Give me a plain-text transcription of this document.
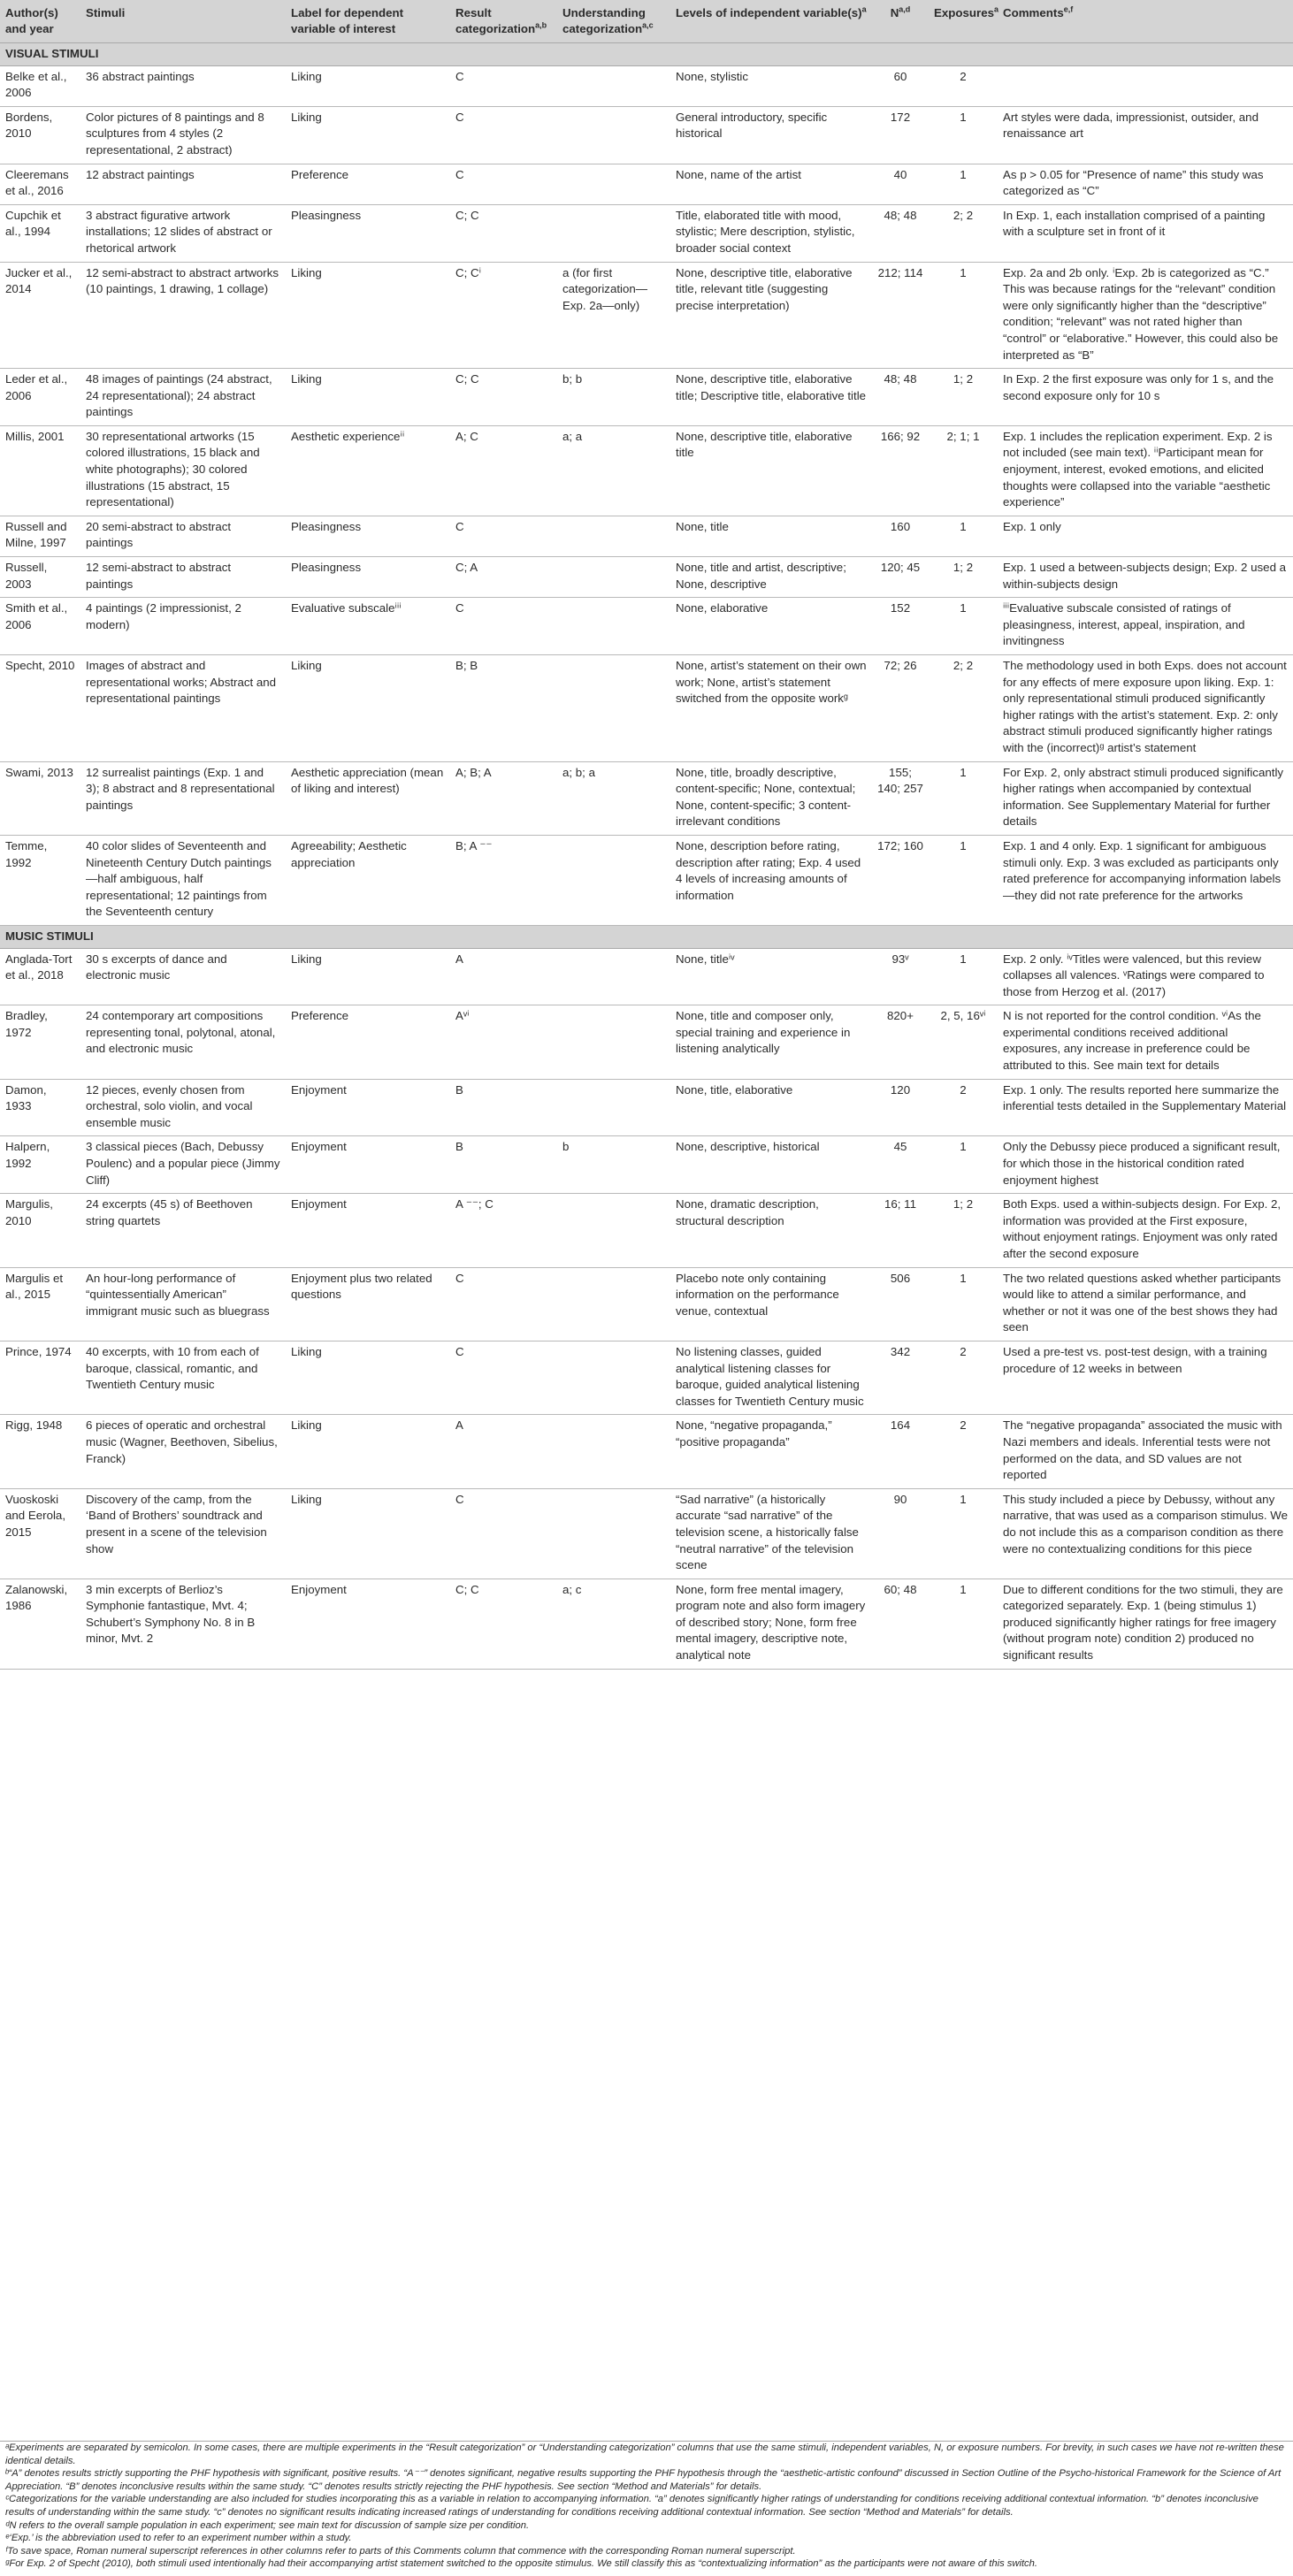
Author(s) and year	Stimuli	Label for dependent variable of interest	Result categorization$^{a,b}$	Understanding categorization$^{a,c}$	Levels of independent $variable(s)^a$	N$^{a,d}$	Exposures$^a$	Comments$^{e,f}$
VISUAL STIMULI								
Belke et al., 2006	36 abstract paintings	Liking	C		None, stylistic	60	2	
Bordens, 2010	Color pictures of 8 paintings and 8 sculptures from 4 styles (2 representational, 2 abstract)	Liking	C		General introductory, specific historical	172	1	Art styles were dada, impressionist, outsider, and renaissance art
Cleeremans et al., 2016	12 abstract paintings	Preference	C		None, name of the artist	40	1	As p > 0.05 for “Presence of name” this study was categorized as “C”
Cupchik et al., 1994	3 abstract figurative artwork installations; 12 slides of abstract or rhetorical artwork	Pleasingness	C; C		Title, elaborated title with mood, stylistic; Mere description, stylistic, broader social context	48; 48	2; 2	In Exp. 1, each installation comprised of a painting with a sculpture set in front of it
Jucker et al., 2014	12 semi-abstract to abstract artworks (10 paintings, 1 drawing, 1 collage)	Liking	C; Cⁱ	a (for first categorization—Exp. 2a—only)	None, descriptive title, elaborative title, relevant title (suggesting precise interpretation)	212; 114	1	Exp. 2a and 2b only. ⁱExp. 2b is categorized as “C.” This was because ratings for the “relevant” condition were only significantly higher than the “descriptive” condition; “relevant” was not rated higher than “control” or “elaborative.” However, this could also be interpreted as “B”
Leder et al., 2006	48 images of paintings (24 abstract, 24 representational); 24 abstract paintings	Liking	C; C	b; b	None, descriptive title, elaborative title; Descriptive title, elaborative title	48; 48	1; 2	In Exp. 2 the first exposure was only for 1 s, and the second exposure only for 10 s
Millis, 2001	30 representational artworks (15 colored illustrations, 15 black and white photographs); 30 colored illustrations (15 abstract, 15 representational)	Aesthetic experienceⁱⁱ	A; C	a; a	None, descriptive title, elaborative title	166; 92	2; 1; 1	Exp. 1 includes the replication experiment. Exp. 2 is not included (see main text). ⁱⁱParticipant mean for enjoyment, interest, evoked emotions, and elicited thoughts were collapsed into the variable “aesthetic experience”
Russell and Milne, 1997	20 semi-abstract to abstract paintings	Pleasingness	C		None, title	160	1	Exp. 1 only
Russell, 2003	12 semi-abstract to abstract paintings	Pleasingness	C; A		None, title and artist, descriptive; None, descriptive	120; 45	1; 2	Exp. 1 used a between-subjects design; Exp. 2 used a within-subjects design
Smith et al., 2006	4 paintings (2 impressionist, 2 modern)	Evaluative subscaleⁱⁱⁱ	C		None, elaborative	152	1	ⁱⁱⁱEvaluative subscale consisted of ratings of pleasingness, interest, appeal, inspiration, and invitingness
Specht, 2010	Images of abstract and representational works; Abstract and representational paintings	Liking	B; B		None, artist’s statement on their own work; None, artist’s statement switched from the opposite workᵍ	72; 26	2; 2	The methodology used in both Exps. does not account for any effects of mere exposure upon liking. Exp. 1: only representational stimuli produced significantly higher ratings with the artist’s statement. Exp. 2: only abstract stimuli produced significantly higher ratings with the (incorrect)ᵍ artist’s statement
Swami, 2013	12 surrealist paintings (Exp. 1 and 3); 8 abstract and 8 representational paintings	Aesthetic appreciation (mean of liking and interest)	A; B; A	a; b; a	None, title, broadly descriptive, content-specific; None, contextual; None, content-specific; 3 content-irrelevant conditions	155; 140; 257	1	For Exp. 2, only abstract stimuli produced significantly higher ratings when accompanied by contextual information. See Supplementary Material for further details
Temme, 1992	40 color slides of Seventeenth and Nineteenth Century Dutch paintings—half ambiguous, half representational; 12 paintings from the Seventeenth century	Agreeability; Aesthetic appreciation	B; A ⁻⁻		None, description before rating, description after rating; Exp. 4 used 4 levels of increasing amounts of information	172; 160	1	Exp. 1 and 4 only. Exp. 1 significant for ambiguous stimuli only. Exp. 3 was excluded as participants only rated preference for accompanying information labels—they did not rate preference for the artworks
MUSIC STIMULI								
Anglada-Tort et al., 2018	30 s excerpts of dance and electronic music	Liking	A		None, titleⁱᵛ	93ᵛ	1	Exp. 2 only. ⁱᵛTitles were valenced, but this review collapses all valences. ᵛRatings were compared to those from Herzog et al. (2017)
Bradley, 1972	24 contemporary art compositions representing tonal, polytonal, atonal, and electronic music	Preference	Aᵛⁱ		None, title and composer only, special training and experience in listening analytically	820+	2, 5, 16ᵛⁱ	N is not reported for the control condition. ᵛⁱAs the experimental conditions received additional exposures, any increase in preference could be attributed to this. See main text for details
Damon, 1933	12 pieces, evenly chosen from orchestral, solo violin, and vocal ensemble music	Enjoyment	B		None, title, elaborative	120	2	Exp. 1 only. The results reported here summarize the inferential tests detailed in the Supplementary Material
Halpern, 1992	3 classical pieces (Bach, Debussy Poulenc) and a popular piece (Jimmy Cliff)	Enjoyment	B	b	None, descriptive, historical	45	1	Only the Debussy piece produced a significant result, for which those in the historical condition rated enjoyment highest
Margulis, 2010	24 excerpts (45 s) of Beethoven string quartets	Enjoyment	A ⁻⁻; C		None, dramatic description, structural description	16; 11	1; 2	Both Exps. used a within-subjects design. For Exp. 2, information was provided at the First exposure, without enjoyment ratings. Enjoyment was only rated after the second exposure
Margulis et al., 2015	An hour-long performance of “quintessentially American” immigrant music such as bluegrass	Enjoyment plus two related questions	C		Placebo note only containing information on the performance venue, contextual	506	1	The two related questions asked whether participants would like to attend a similar performance, and whether or not it was one of the best shows they had seen
Prince, 1974	40 excerpts, with 10 from each of baroque, classical, romantic, and Twentieth Century music	Liking	C		No listening classes, guided analytical listening classes for baroque, guided analytical listening classes for Twentieth Century music	342	2	Used a pre-test vs. post-test design, with a training procedure of 12 weeks in between
Rigg, 1948	6 pieces of operatic and orchestral music (Wagner, Beethoven, Sibelius, Franck)	Liking	A		None, “negative propaganda,” “positive propaganda”	164	2	The “negative propaganda” associated the music with Nazi members and ideals. Inferential tests were not performed on the data, and SD values are not reported
Vuoskoski and Eerola, 2015	Discovery of the camp, from the ‘Band of Brothers’ soundtrack and present in a scene of the television show	Liking	C		“Sad narrative” (a historically accurate “sad narrative” of the television scene, a historically false “neutral narrative” of the television scene	90	1	This study included a piece by Debussy, without any narrative, that was used as a comparison stimulus. We do not include this as a comparison condition as there were no contextualizing conditions for this piece
Zalanowski, 1986	3 min excerpts of Berlioz’s Symphonie fantastique, Mvt. 4; Schubert’s Symphony No. 8 in B minor, Mvt. 2	Enjoyment	C; C	a; c	None, form free mental imagery, program note and also form imagery of described story; None, form free mental imagery, descriptive note, analytical note	60; 48	1	Due to different conditions for the two stimuli, they are categorized separately. Exp. 1 (being stimulus 1) produced significantly higher ratings for free imagery (without program note) condition 2) produced no significant results

ᵃExperiments are separated by semicolon. In some cases, there are multiple experiments in the “Result categorization” or “Understanding categorization” columns that use the same stimuli, independent variables, N, or exposure numbers. For brevity, in such cases we have not re-written these identical details.

ᵇ“A” denotes results strictly supporting the PHF hypothesis with significant, positive results. “A⁻⁻” denotes significant, negative results supporting the PHF hypothesis through the “aesthetic-artistic confound” discussed in Section Outline of the Psycho-historical Framework for the Science of Art Appreciation. “B” denotes inconclusive results within the same study. “C” denotes results strictly rejecting the PHF hypothesis. See section “Method and Materials” for details.

ᶜCategorizations for the variable understanding are also included for studies incorporating this as a variable in relation to accompanying information. “a” denotes significantly higher ratings of understanding for conditions receiving additional contextual information. “b” denotes inconclusive results of understanding within the same study. “c” denotes no significant results indicating increased ratings of understanding for conditions receiving additional contextual information. See section “Method and Materials” for details.

ᵈN refers to the overall sample population in each experiment; see main text for discussion of sample size per condition.

ᵉ‘Exp.’ is the abbreviation used to refer to an experiment number within a study.

ᶠTo save space, Roman numeral superscript references in other columns refer to parts of this Comments column that commence with the corresponding Roman numeral superscript.

ᵍFor Exp. 2 of Specht (2010), both stimuli used intentionally had their accompanying artist statement switched to the opposite stimulus. We still classify this as “contextualizing information” as the participants were not aware of this switch.
